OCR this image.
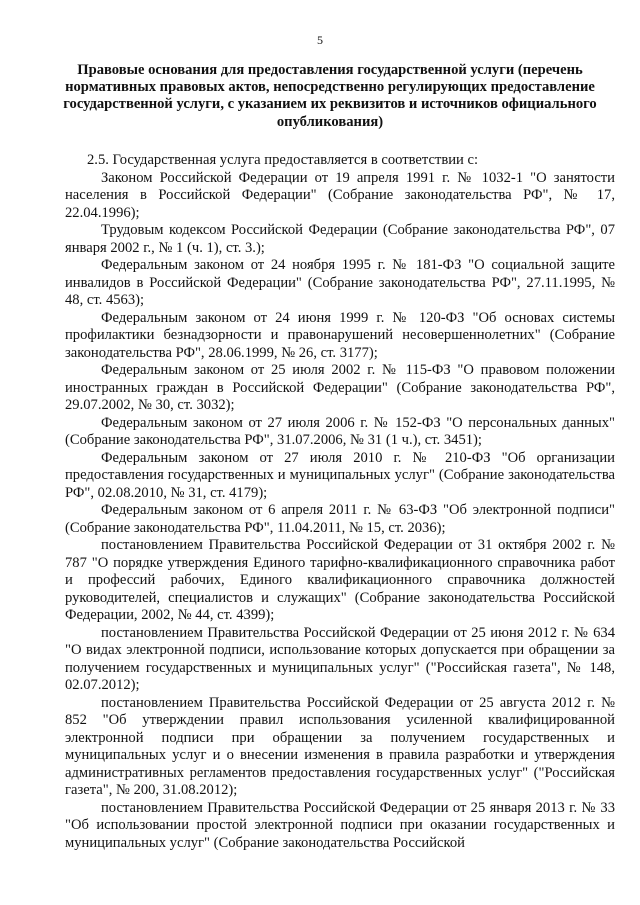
5
Правовые основания для предоставления государственной услуги (перечень нормативных правовых актов, непосредственно регулирующих предоставление государственной услуги, с указанием их реквизитов и источников официального опубликования)

2.5. Государственная услуга предоставляется в соответствии с:

Законом Российской Федерации от 19 апреля 1991 г. № 1032-1 "О занятости населения в Российской Федерации" (Собрание законодательства РФ", № 17, 22.04.1996);

Трудовым кодексом Российской Федерации (Собрание законодательства РФ", 07 января 2002 г., № 1 (ч. 1), ст. 3.);

Федеральным законом от 24 ноября 1995 г. № 181-ФЗ "О социальной защите инвалидов в Российской Федерации" (Собрание законодательства РФ", 27.11.1995, № 48, ст. 4563);

Федеральным законом от 24 июня 1999 г. № 120-ФЗ "Об основах системы профилактики безнадзорности и правонарушений несовершеннолетних" (Собрание законодательства РФ", 28.06.1999, № 26, ст. 3177);

Федеральным законом от 25 июля 2002 г. № 115-ФЗ "О правовом положении иностранных граждан в Российской Федерации" (Собрание законодательства РФ", 29.07.2002, № 30, ст. 3032);

Федеральным законом от 27 июля 2006 г. № 152-ФЗ "О персональных данных" (Собрание законодательства РФ", 31.07.2006, № 31 (1 ч.), ст. 3451);

Федеральным законом от 27 июля 2010 г. № 210-ФЗ "Об организации предоставления государственных и муниципальных услуг" (Собрание законодательства РФ", 02.08.2010, № 31, ст. 4179);

Федеральным законом от 6 апреля 2011 г. № 63-ФЗ "Об электронной подписи" (Собрание законодательства РФ", 11.04.2011, № 15, ст. 2036);

постановлением Правительства Российской Федерации от 31 октября 2002 г. № 787 "О порядке утверждения Единого тарифно-квалификационного справочника работ и профессий рабочих, Единого квалификационного справочника должностей руководителей, специалистов и служащих" (Собрание законодательства Российской Федерации, 2002, № 44, ст. 4399);

постановлением Правительства Российской Федерации от 25 июня 2012 г. № 634 "О видах электронной подписи, использование которых допускается при обращении за получением государственных и муниципальных услуг" ("Российская газета", № 148, 02.07.2012);

постановлением Правительства Российской Федерации от 25 августа 2012 г. № 852 "Об утверждении правил использования усиленной квалифицированной электронной подписи при обращении за получением государственных и муниципальных услуг и о внесении изменения в правила разработки и утверждения административных регламентов предоставления государственных услуг" ("Российская газета", № 200, 31.08.2012);

постановлением Правительства Российской Федерации от 25 января 2013 г. № 33 "Об использовании простой электронной подписи при оказании государственных и муниципальных услуг" (Собрание законодательства Российской
